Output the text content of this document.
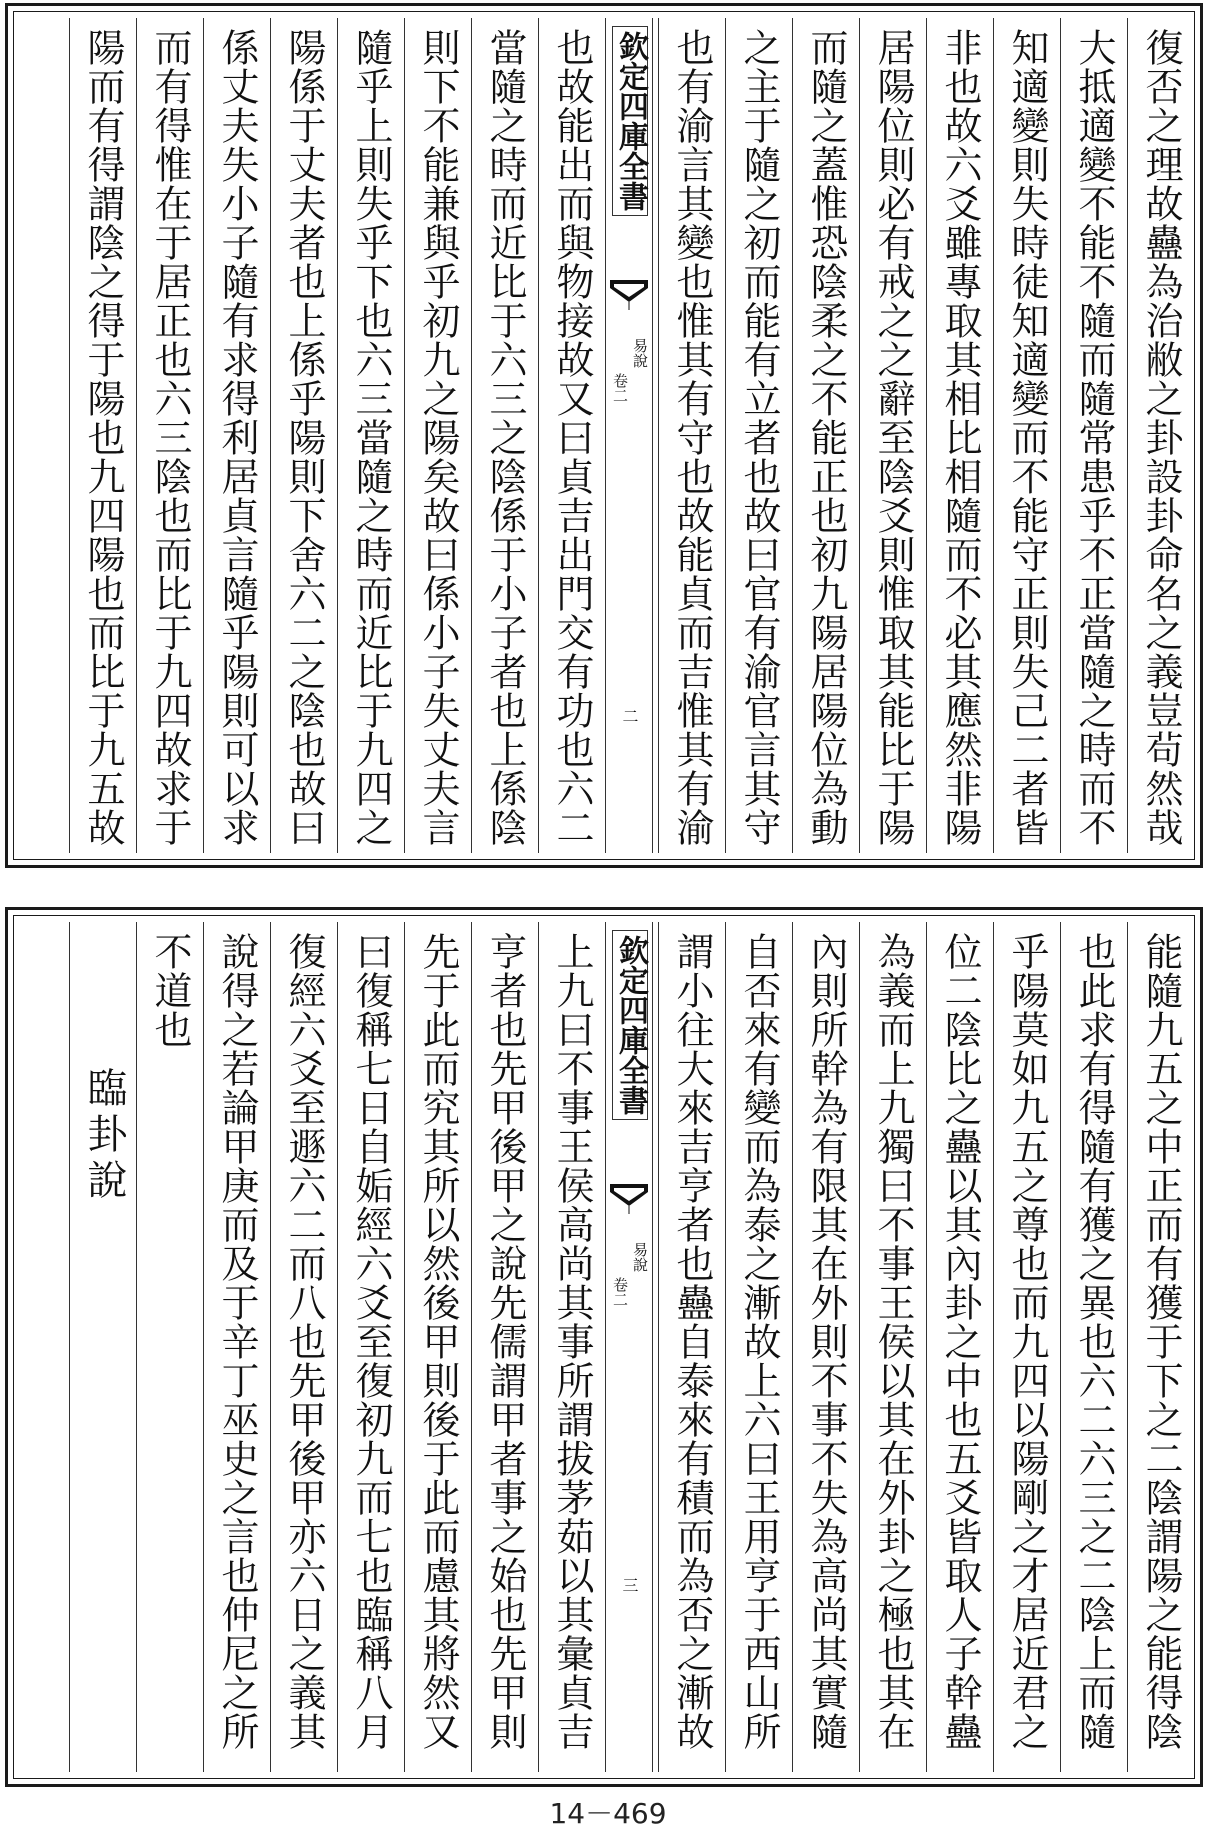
復否之理故蠱為治敝之卦設卦命名之義豈茍然哉
大抵適變不能不隨而隨常患乎不正當隨之時而不
知適變則失時徒知適變而不能守正則失己二者皆
非也故六爻雖專取其相比相隨而不必其應然非陽
居陽位則必有戒之之辭至陰爻則惟取其能比于陽
而隨之蓋惟恐陰柔之不能正也初九陽居陽位為動
之主于隨之初而能有立者也故曰官有渝官言其守
也有渝言其變也惟其有守也故能貞而吉惟其有渝
欽定四庫全書
易說
卷二
二
也故能出而與物接故又曰貞吉出門交有功也六二
當隨之時而近比于六三之陰係于小子者也上係陰
則下不能兼與乎初九之陽矣故曰係小子失丈夫言
隨乎上則失乎下也六三當隨之時而近比于九四之
陽係于丈夫者也上係乎陽則下舍六二之陰也故曰
係丈夫失小子隨有求得利居貞言隨乎陽則可以求
而有得惟在于居正也六三陰也而比于九四故求于
陽而有得謂陰之得于陽也九四陽也而比于九五故
能隨九五之中正而有獲于下之二陰謂陽之能得陰
也此求有得隨有獲之異也六二六三之二陰上而隨
乎陽莫如九五之尊也而九四以陽剛之才居近君之
位二陰比之蠱以其內卦之中也五爻皆取人子幹蠱
為義而上九獨曰不事王侯以其在外卦之極也其在
內則所幹為有限其在外則不事不失為高尚其實隨
自否來有變而為泰之漸故上六曰王用亨于西山所
謂小往大來吉亨者也蠱自泰來有積而為否之漸故
欽定四庫全書
易說
卷二
三
上九曰不事王侯高尚其事所謂拔茅茹以其彙貞吉
亨者也先甲後甲之說先儒謂甲者事之始也先甲則
先于此而究其所以然後甲則後于此而慮其將然又
曰復稱七日自姤經六爻至復初九而七也臨稱八月
復經六爻至遯六二而八也先甲後甲亦六日之義其
說得之若論甲庚而及于辛丁巫史之言也仲尼之所
不道也
臨卦說
14－469
